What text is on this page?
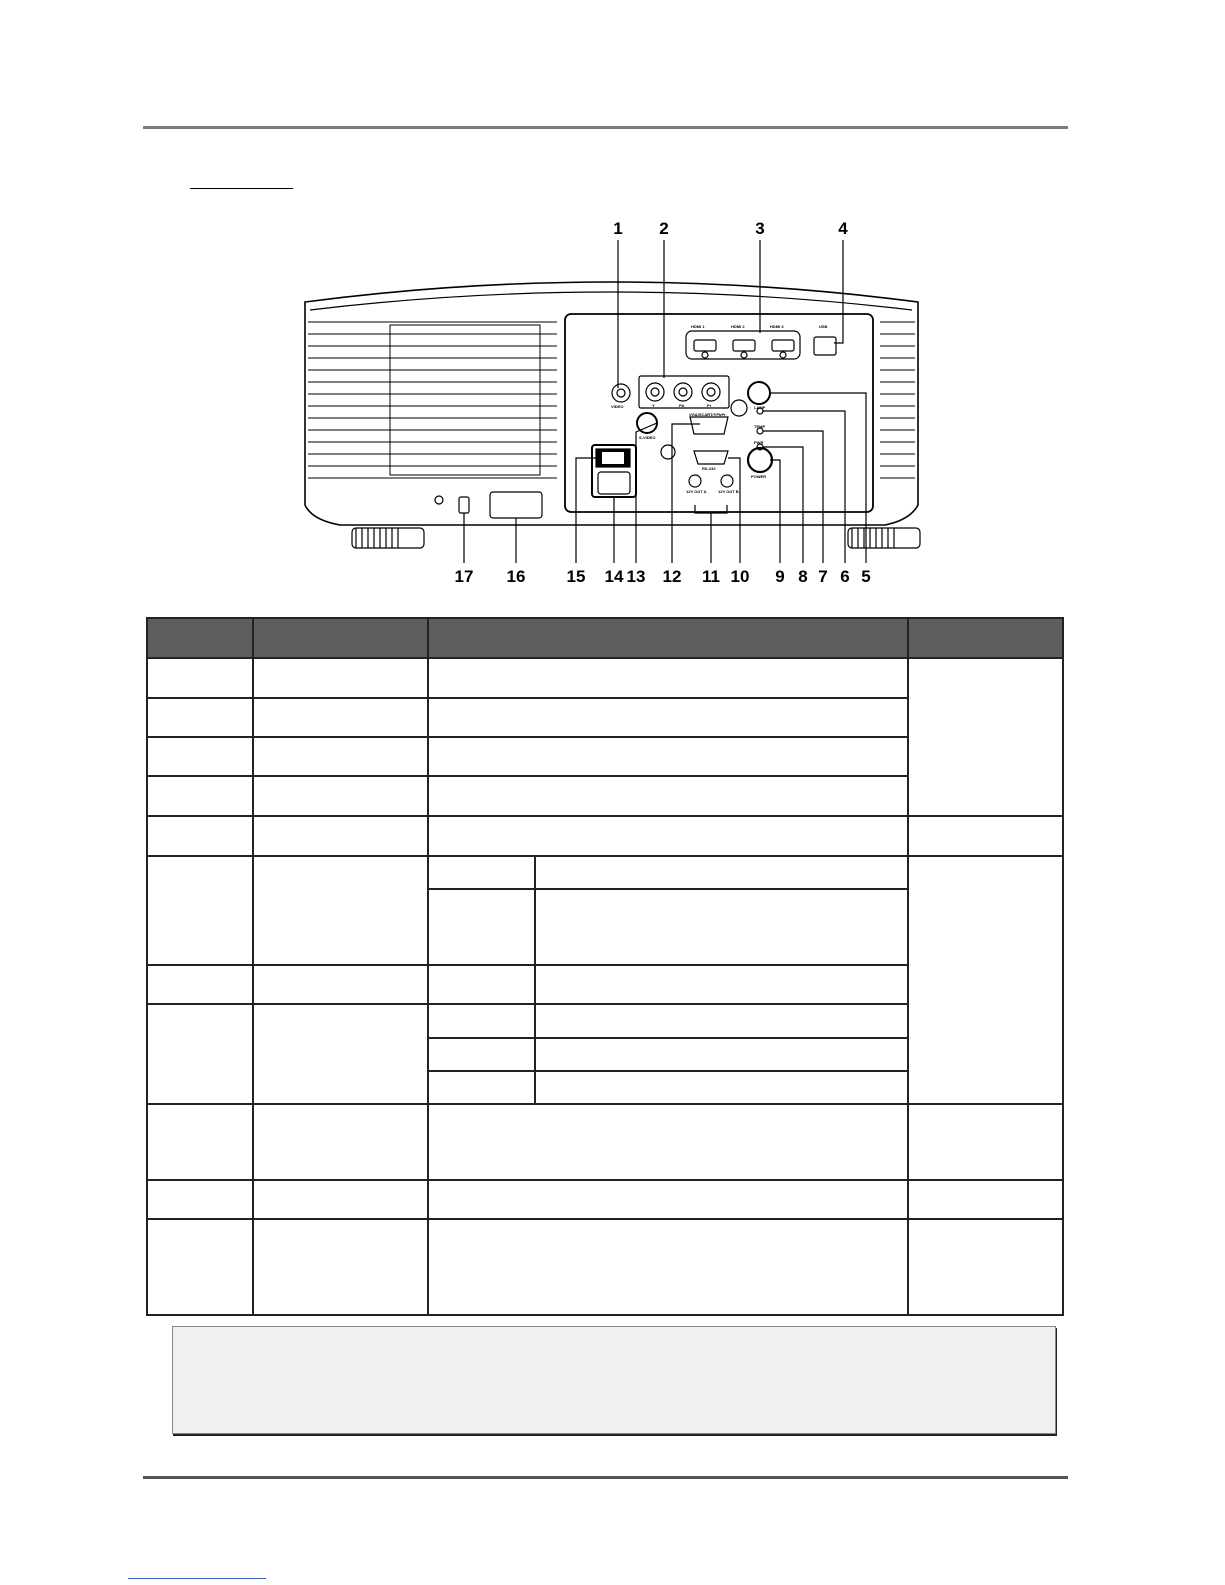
1	2	3	4
17	16	15	14 13	12	11 10	9 8 7 6 5
HDMI 1	HDMI 2	HDMI 3	USB
VIDEO	Y	Pb	Pr	LAMP
S-VIDEO
VGA/SCART/YPbPr
TEMP
PWR
RS-232
POWER
12V OUT A	12V OUT B
